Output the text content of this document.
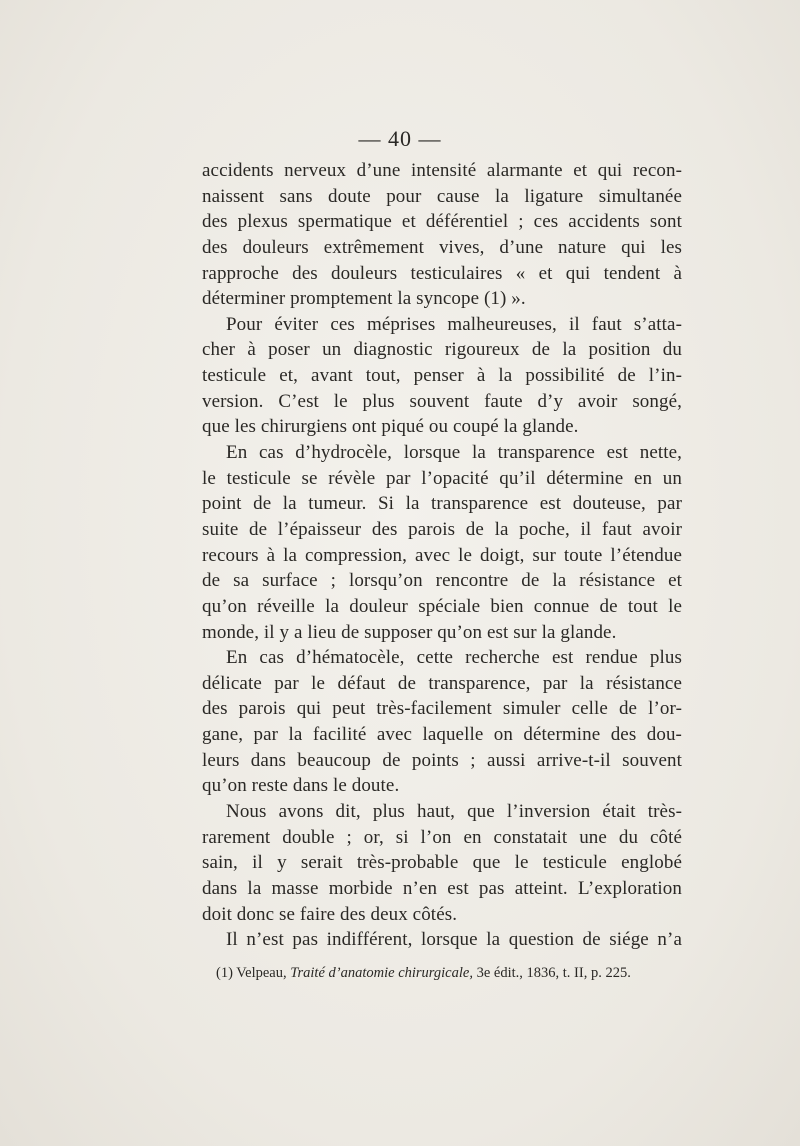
— 40 —
accidents nerveux d’une intensité alarmante et qui recon-
naissent sans doute pour cause la ligature simultanée
des plexus spermatique et déférentiel ; ces accidents sont
des douleurs extrêmement vives, d’une nature qui les
rapproche des douleurs testiculaires « et qui tendent à
déterminer promptement la syncope (1) ».
Pour éviter ces méprises malheureuses, il faut s’atta-
cher à poser un diagnostic rigoureux de la position du
testicule et, avant tout, penser à la possibilité de l’in-
version. C’est le plus souvent faute d’y avoir songé,
que les chirurgiens ont piqué ou coupé la glande.
En cas d’hydrocèle, lorsque la transparence est nette,
le testicule se révèle par l’opacité qu’il détermine en un
point de la tumeur. Si la transparence est douteuse, par
suite de l’épaisseur des parois de la poche, il faut avoir
recours à la compression, avec le doigt, sur toute l’étendue
de sa surface ; lorsqu’on rencontre de la résistance et
qu’on réveille la douleur spéciale bien connue de tout le
monde, il y a lieu de supposer qu’on est sur la glande.
En cas d’hématocèle, cette recherche est rendue plus
délicate par le défaut de transparence, par la résistance
des parois qui peut très-facilement simuler celle de l’or-
gane, par la facilité avec laquelle on détermine des dou-
leurs dans beaucoup de points ; aussi arrive-t-il souvent
qu’on reste dans le doute.
Nous avons dit, plus haut, que l’inversion était très-
rarement double ; or, si l’on en constatait une du côté
sain, il y serait très-probable que le testicule englobé
dans la masse morbide n’en est pas atteint. L’exploration
doit donc se faire des deux côtés.
Il n’est pas indifférent, lorsque la question de siége n’a
(1) Velpeau, Traité d’anatomie chirurgicale, 3e édit., 1836, t. II, p. 225.
